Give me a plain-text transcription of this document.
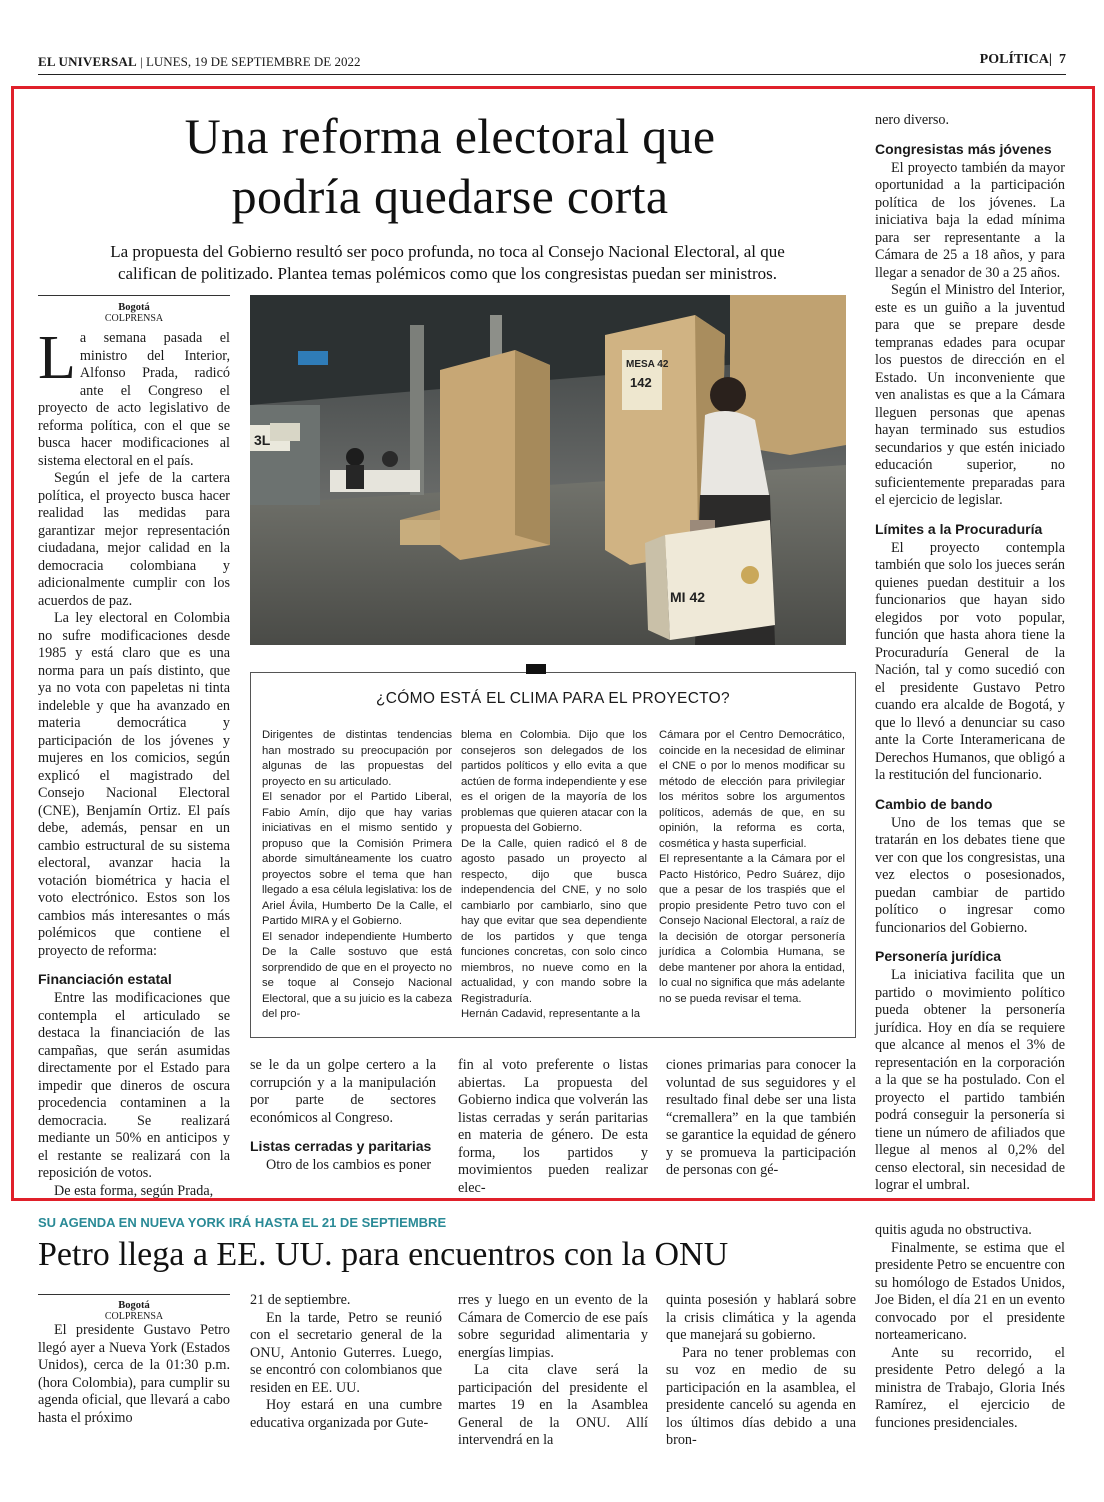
EL UNIVERSAL | LUNES, 19 DE SEPTIEMBRE DE 2022	POLÍTICA|  7
Una reforma electoral que
podría quedarse corta
La propuesta del Gobierno resultó ser poco profunda, no toca al Consejo Nacional Electoral, al que
califican de politizado. Plantea temas polémicos como que los congresistas puedan ser ministros.
Bogotá
COLPRENSA

La semana pasada el ministro del Interior, Alfonso Prada, radicó ante el Congreso el proyecto de acto legislativo de reforma política, con el que se busca hacer modificaciones al sistema electoral en el país.

Según el jefe de la cartera política, el proyecto busca hacer realidad las medidas para garantizar mejor representación ciudadana, mejor calidad en la democracia colombiana y adicionalmente cumplir con los acuerdos de paz.

La ley electoral en Colombia no sufre modificaciones desde 1985 y está claro que es una norma para un país distinto, que ya no vota con papeletas ni tinta indeleble y que ha avanzado en materia democrática y participación de los jóvenes y mujeres en los comicios, según explicó el magistrado del Consejo Nacional Electoral (CNE), Benjamín Ortiz. El país debe, además, pensar en un cambio estructural de su sistema electoral, avanzar hacia la votación biométrica y hacia el voto electrónico. Estos son los cambios más interesantes o más polémicos que contiene el proyecto de reforma:

Financiación estatal

Entre las modificaciones que contempla el articulado se destaca la financiación de las campañas, que serán asumidas directamente por el Estado para impedir que dineros de oscura procedencia contaminen a la democracia. Se realizará mediante un 50% en anticipos y el restante se realizará con la reposición de votos.

De esta forma, según Prada,

3L
MESA 42
142
MI 42
¿CÓMO ESTÁ EL CLIMA PARA EL PROYECTO?

Dirigentes de distintas tendencias han mostrado su preocupación por algunas de las propuestas del proyecto en su articulado.

El senador por el Partido Liberal, Fabio Amín, dijo que hay varias iniciativas en el mismo sentido y propuso que la Comisión Primera aborde simultáneamente los cuatro proyectos sobre el tema que han llegado a esa célula legislativa: los de Ariel Ávila, Humberto De la Calle, el Partido MIRA y el Gobierno.

El senador independiente Humberto De la Calle sostuvo que está sorprendido de que en el proyecto no se toque al Consejo Nacional Electoral, que a su juicio es la cabeza del pro-

blema en Colombia. Dijo que los consejeros son delegados de los partidos políticos y ello evita a que actúen de forma independiente y ese es el origen de la mayoría de los problemas que quieren atacar con la propuesta del Gobierno.

De la Calle, quien radicó el 8 de agosto pasado un proyecto al respecto, dijo que busca independencia del CNE, y no solo cambiarlo por cambiarlo, sino que hay que evitar que sea dependiente de los partidos y que tenga funciones concretas, con solo cinco miembros, no nueve como en la actualidad, y con mando sobre la Registraduría.

Hernán Cadavid, representante a la

Cámara por el Centro Democrático, coincide en la necesidad de eliminar el CNE o por lo menos modificar su método de elección para privilegiar los méritos sobre los argumentos políticos, además de que, en su opinión, la reforma es corta, cosmética y hasta superficial.

El representante a la Cámara por el Pacto Histórico, Pedro Suárez, dijo que a pesar de los traspiés que el propio presidente Petro tuvo con el Consejo Nacional Electoral, a raíz de la decisión de otorgar personería jurídica a Colombia Humana, se debe mantener por ahora la entidad, lo cual no significa que más adelante no se pueda revisar el tema.

se le da un golpe certero a la corrupción y a la manipulación por parte de sectores económicos al Congreso.

Listas cerradas y paritarias

Otro de los cambios es poner

fin al voto preferente o listas abiertas. La propuesta del Gobierno indica que volverán las listas cerradas y serán paritarias en materia de género. De esta forma, los partidos y movimientos pueden realizar elec-

ciones primarias para conocer la voluntad de sus seguidores y el resultado final debe ser una lista “cremallera” en la que también se garantice la equidad de género y se promueva la participación de personas con gé-

nero diverso.

Congresistas más jóvenes

El proyecto también da mayor oportunidad a la participación política de los jóvenes. La iniciativa baja la edad mínima para ser representante a la Cámara de 25 a 18 años, y para llegar a senador de 30 a 25 años.

Según el Ministro del Interior, este es un guiño a la juventud para que se prepare desde tempranas edades para ocupar los puestos de dirección en el Estado. Un inconveniente que ven analistas es que a la Cámara lleguen personas que apenas hayan terminado sus estudios secundarios y que estén iniciado educación superior, no suficientemente preparadas para el ejercicio de legislar.

Límites a la Procuraduría

El proyecto contempla también que solo los jueces serán quienes puedan destituir a los funcionarios que hayan sido elegidos por voto popular, función que hasta ahora tiene la Procuraduría General de la Nación, tal y como sucedió con el presidente Gustavo Petro cuando era alcalde de Bogotá, y que lo llevó a denunciar su caso ante la Corte Interamericana de Derechos Humanos, que obligó a la restitución del funcionario.

Cambio de bando

Uno de los temas que se tratarán en los debates tiene que ver con que los congresistas, una vez electos o posesionados, puedan cambiar de partido político o ingresar como funcionarios del Gobierno.

Personería jurídica

La iniciativa facilita que un partido o movimiento político pueda obtener la personería jurídica. Hoy en día se requiere que alcance al menos el 3% de representación en la corporación a la que se ha postulado. Con el proyecto el partido también podrá conseguir la personería si tiene un número de afiliados que llegue al menos al 0,2% del censo electoral, sin necesidad de lograr el umbral.

SU AGENDA EN NUEVA YORK IRÁ HASTA EL 21 DE SEPTIEMBRE
Petro llega a EE. UU. para encuentros con la ONU
Bogotá
COLPRENSA

El presidente Gustavo Petro llegó ayer a Nueva York (Estados Unidos), cerca de la 01:30 p.m. (hora Colombia), para cumplir su agenda oficial, que llevará a cabo hasta el próximo

21 de septiembre.

En la tarde, Petro se reunió con el secretario general de la ONU, Antonio Guterres. Luego, se encontró con colombianos que residen en EE. UU.

Hoy estará en una cumbre educativa organizada por Gute-

rres y luego en un evento de la Cámara de Comercio de ese país sobre seguridad alimentaria y energías limpias.

La cita clave será la participación del presidente el martes 19 en la Asamblea General de la ONU. Allí intervendrá en la

quinta posesión y hablará sobre la crisis climática y la agenda que manejará su gobierno.

Para no tener problemas con su voz en medio de su participación en la asamblea, el presidente canceló su agenda en los últimos días debido a una bron-

quitis aguda no obstructiva.

Finalmente, se estima que el presidente Petro se encuentre con su homólogo de Estados Unidos, Joe Biden, el día 21 en un evento convocado por el presidente norteamericano.

Ante su recorrido, el presidente Petro delegó a la ministra de Trabajo, Gloria Inés Ramírez, el ejercicio de funciones presidenciales.
